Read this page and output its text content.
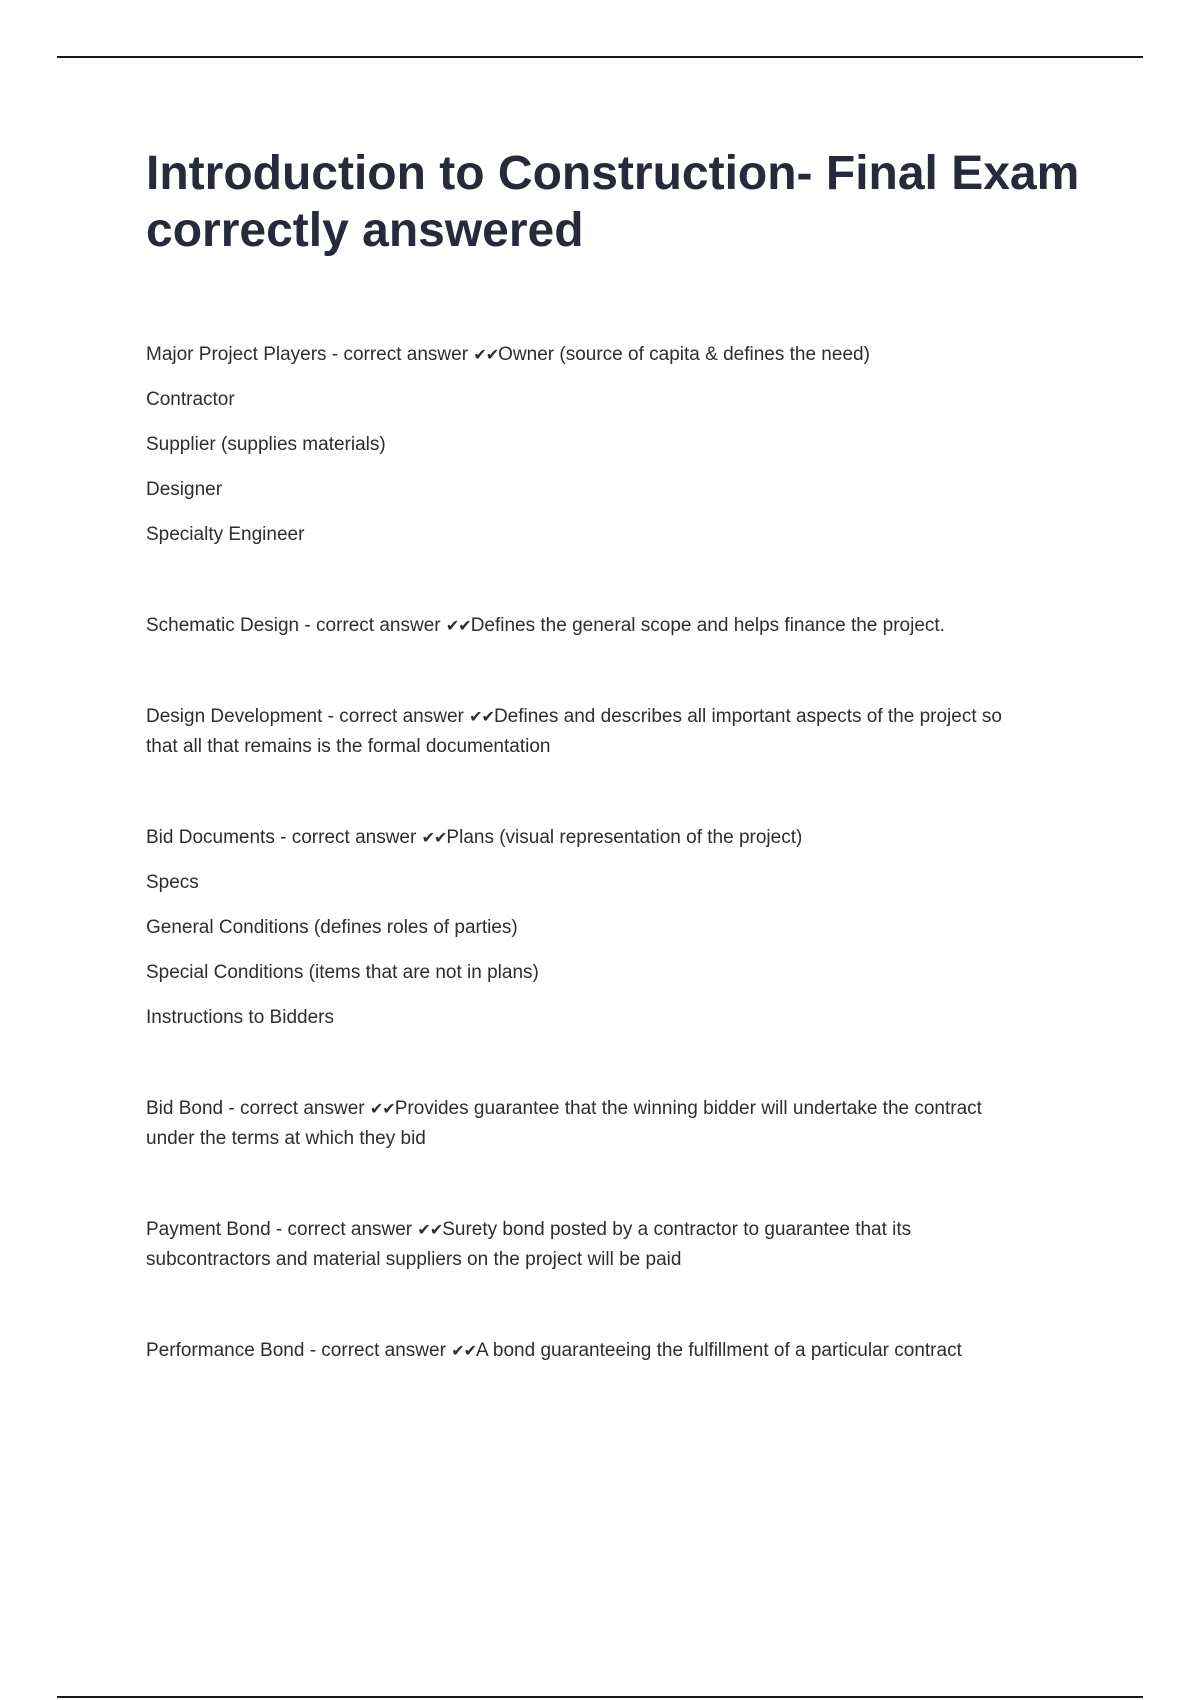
Introduction to Construction- Final Exam correctly answered

Major Project Players - correct answer ✔✔Owner (source of capita & defines the need)

Contractor

Supplier (supplies materials)

Designer

Specialty Engineer

Schematic Design - correct answer ✔✔Defines the general scope and helps finance the project.

Design Development - correct answer ✔✔Defines and describes all important aspects of the project so

that all that remains is the formal documentation

Bid Documents - correct answer ✔✔Plans (visual representation of the project)

Specs

General Conditions (defines roles of parties)

Special Conditions (items that are not in plans)

Instructions to Bidders

Bid Bond - correct answer ✔✔Provides guarantee that the winning bidder will undertake the contract

under the terms at which they bid

Payment Bond - correct answer ✔✔Surety bond posted by a contractor to guarantee that its

subcontractors and material suppliers on the project will be paid

Performance Bond - correct answer ✔✔A bond guaranteeing the fulfillment of a particular contract
